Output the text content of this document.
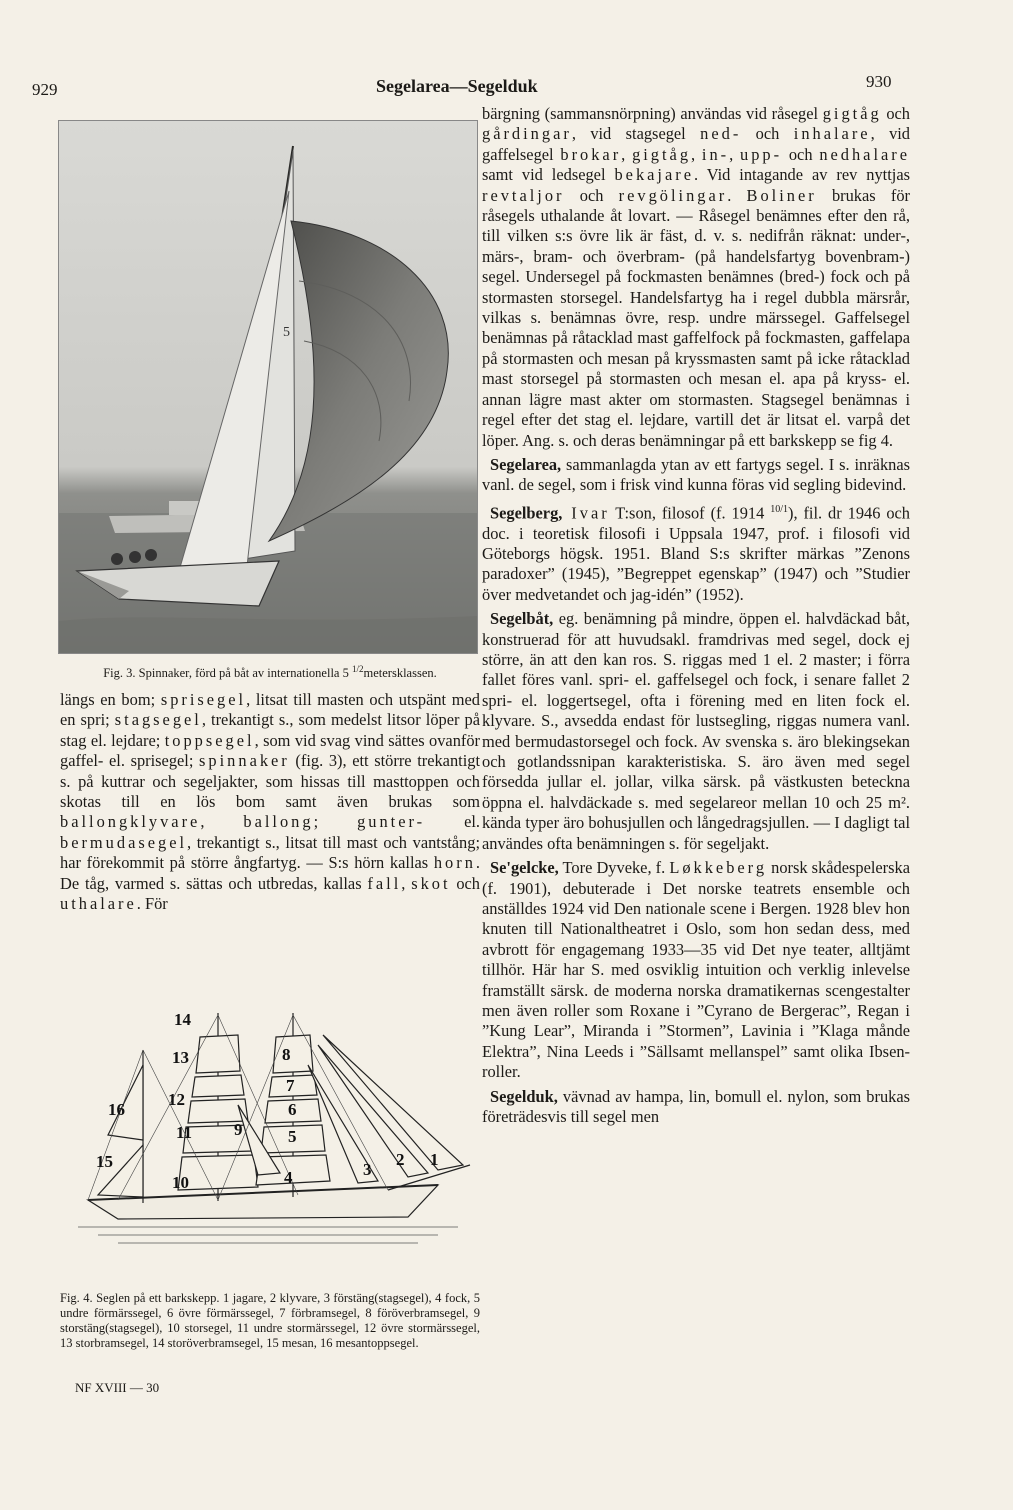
929	Segelarea—Segelduk	930
5
Fig. 3. Spinnaker, förd på båt av internationella 5 $^{1/2}$metersklassen.

längs en bom; sprisegel, litsat till masten och utspänt med en spri; stagsegel, trekantigt s., som medelst litsor löper på stag el. lejdare; toppsegel, som vid svag vind sättes ovanför gaffel- el. sprisegel; spinnaker (fig. 3), ett större trekantigt s. på kuttrar och segeljakter, som hissas till masttoppen och skotas till en lös bom samt även brukas som ballongklyvare, ballong; gunter- el. bermudasegel, trekantigt s., litsat till mast och vantstång; har förekommit på större ångfartyg. — S:s hörn kallas horn. De tåg, varmed s. sättas och utbredas, kallas fall, skot och uthalare. För

1
2
3
4
5
6
7
8
9
10
11
12
13
14
15
16
Fig. 4. Seglen på ett barkskepp. 1 jagare, 2 klyvare, 3 förstäng(stagsegel), 4 fock, 5 undre förmärssegel, 6 övre förmärssegel, 7 förbramsegel, 8 föröverbramsegel, 9 storstäng(stagsegel), 10 storsegel, 11 undre stormärssegel, 12 övre stormärssegel, 13 storbramsegel, 14 storöverbramsegel, 15 mesan, 16 mesantoppsegel.
NF XVIII — 30

bärgning (sammansnörpning) användas vid råsegel gigtåg och gårdingar, vid stagsegel ned- och inhalare, vid gaffelsegel brokar, gigtåg, in-, upp- och nedhalare samt vid ledsegel bekajare. Vid intagande av rev nyttjas revtaljor och revgölingar. Boliner brukas för råsegels uthalande åt lovart. — Råsegel benämnes efter den rå, till vilken s:s övre lik är fäst, d. v. s. nedifrån räknat: under-, märs-, bram- och överbram- (på handelsfartyg bovenbram-) segel. Undersegel på fockmasten benämnes (bred-) fock och på stormasten storsegel. Handelsfartyg ha i regel dubbla märsrår, vilkas s. benämnas övre, resp. undre märssegel. Gaffelsegel benämnas på råtacklad mast gaffelfock på fockmasten, gaffelapa på stormasten och mesan på kryssmasten samt på icke råtacklad mast storsegel på stormasten och mesan el. apa på kryss- el. annan lägre mast akter om stormasten. Stagsegel benämnas i regel efter det stag el. lejdare, vartill det är litsat el. varpå det löper. Ang. s. och deras benämningar på ett barkskepp se fig 4.

Segelarea, sammanlagda ytan av ett fartygs segel. I s. inräknas vanl. de segel, som i frisk vind kunna föras vid segling bidevind.

Segelberg, Ivar T:son, filosof (f. 1914 $^{10/1}$), fil. dr 1946 och doc. i teoretisk filosofi i Uppsala 1947, prof. i filosofi vid Göteborgs högsk. 1951. Bland S:s skrifter märkas ”Zenons paradoxer” (1945), ”Begreppet egenskap” (1947) och ”Studier över medvetandet och jag-idén” (1952).

Segelbåt, eg. benämning på mindre, öppen el. halvdäckad båt, konstruerad för att huvudsakl. framdrivas med segel, dock ej större, än att den kan ros. S. riggas med 1 el. 2 master; i förra fallet föres vanl. spri- el. gaffelsegel och fock, i senare fallet 2 spri- el. loggertsegel, ofta i förening med en liten fock el. klyvare. S., avsedda endast för lustsegling, riggas numera vanl. med bermudastorsegel och fock. Av svenska s. äro blekingsekan och gotlandssnipan karakteristiska. S. äro även med segel försedda jullar el. jollar, vilka särsk. på västkusten beteckna öppna el. halvdäckade s. med segelareor mellan 10 och 25 m². kända typer äro bohusjullen och långedragsjullen. — I dagligt tal användes ofta benämningen s. för segeljakt.

Se'gelcke, Tore Dyveke, f. Løkkeberg norsk skådespelerska (f. 1901), debuterade i Det norske teatrets ensemble och anställdes 1924 vid Den nationale scene i Bergen. 1928 blev hon knuten till Nationaltheatret i Oslo, som hon sedan dess, med avbrott för engagemang 1933—35 vid Det nye teater, alltjämt tillhör. Här har S. med osviklig intuition och verklig inlevelse framställt särsk. de moderna norska dramatikernas scengestalter men även roller som Roxane i ”Cyrano de Bergerac”, Regan i ”Kung Lear”, Miranda i ”Stormen”, Lavinia i ”Klaga månde Elektra”, Nina Leeds i ”Sällsamt mellanspel” samt olika Ibsen-roller.

Segelduk, vävnad av hampa, lin, bomull el. nylon, som brukas företrädesvis till segel men
